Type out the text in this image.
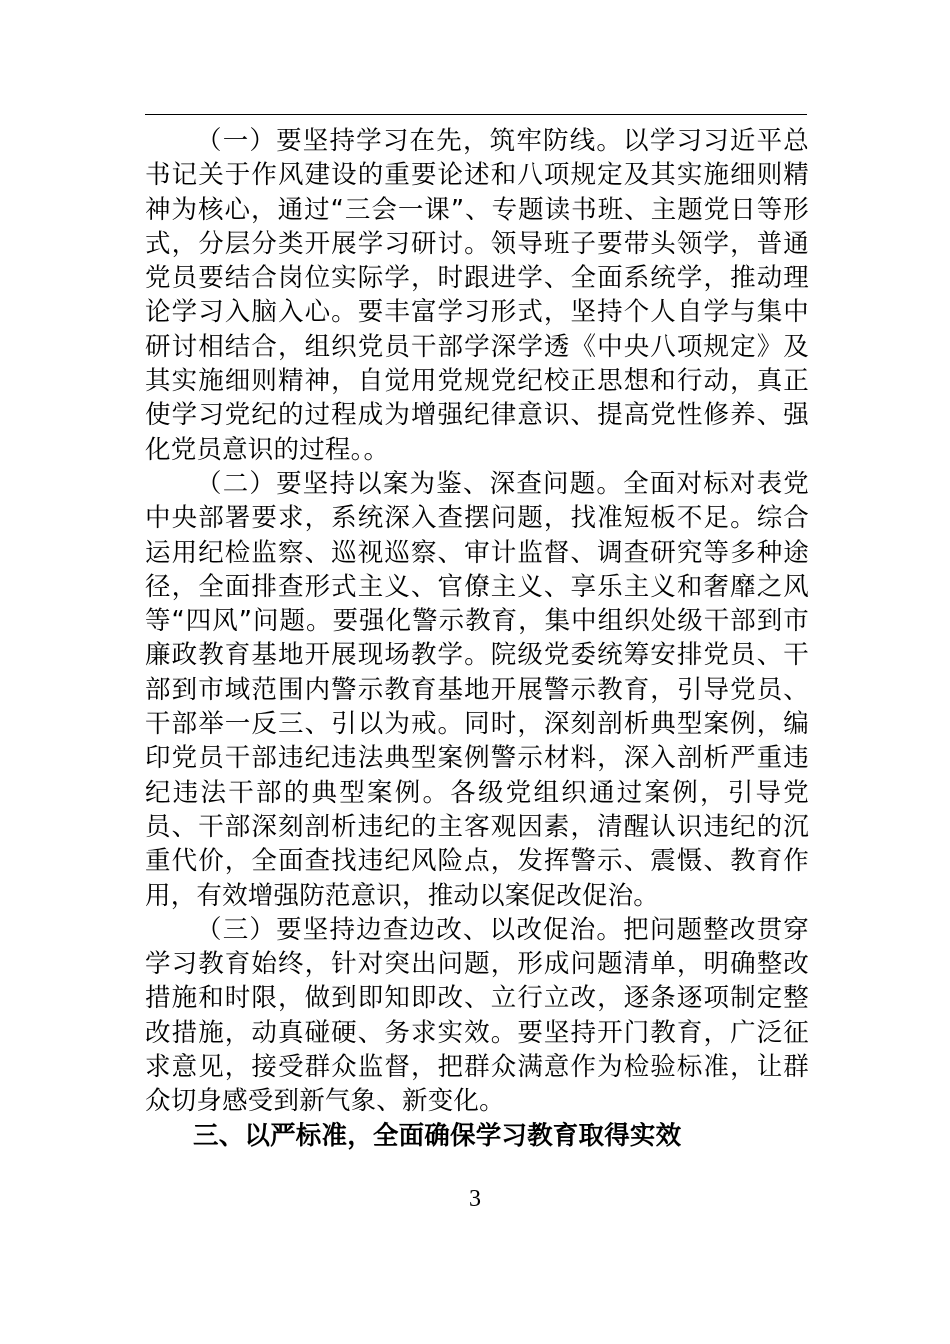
（一）要坚持学习在先，筑牢防线。以学习习近平总书记关于作风建设的重要论述和八项规定及其实施细则精神为核心，通过“三会一课”、专题读书班、主题党日等形式，分层分类开展学习研讨。领导班子要带头领学，普通党员要结合岗位实际学，时跟进学、全面系统学，推动理论学习入脑入心。要丰富学习形式，坚持个人自学与集中研讨相结合，组织党员干部学深学透《中央八项规定》及其实施细则精神，自觉用党规党纪校正思想和行动，真正使学习党纪的过程成为增强纪律意识、提高党性修养、强化党员意识的过程。。

（二）要坚持以案为鉴、深查问题。全面对标对表党中央部署要求，系统深入查摆问题，找准短板不足。综合运用纪检监察、巡视巡察、审计监督、调查研究等多种途径，全面排查形式主义、官僚主义、享乐主义和奢靡之风等“四风”问题。要强化警示教育，集中组织处级干部到市廉政教育基地开展现场教学。院级党委统筹安排党员、干部到市域范围内警示教育基地开展警示教育，引导党员、干部举一反三、引以为戒。同时，深刻剖析典型案例，编印党员干部违纪违法典型案例警示材料，深入剖析严重违纪违法干部的典型案例。各级党组织通过案例，引导党员、干部深刻剖析违纪的主客观因素，清醒认识违纪的沉重代价，全面查找违纪风险点，发挥警示、震慑、教育作用，有效增强防范意识，推动以案促改促治。

（三）要坚持边查边改、以改促治。把问题整改贯穿学习教育始终，针对突出问题，形成问题清单，明确整改措施和时限，做到即知即改、立行立改，逐条逐项制定整改措施，动真碰硬、务求实效。要坚持开门教育，广泛征求意见，接受群众监督，把群众满意作为检验标准，让群众切身感受到新气象、新变化。

三、以严标准，全面确保学习教育取得实效

3
